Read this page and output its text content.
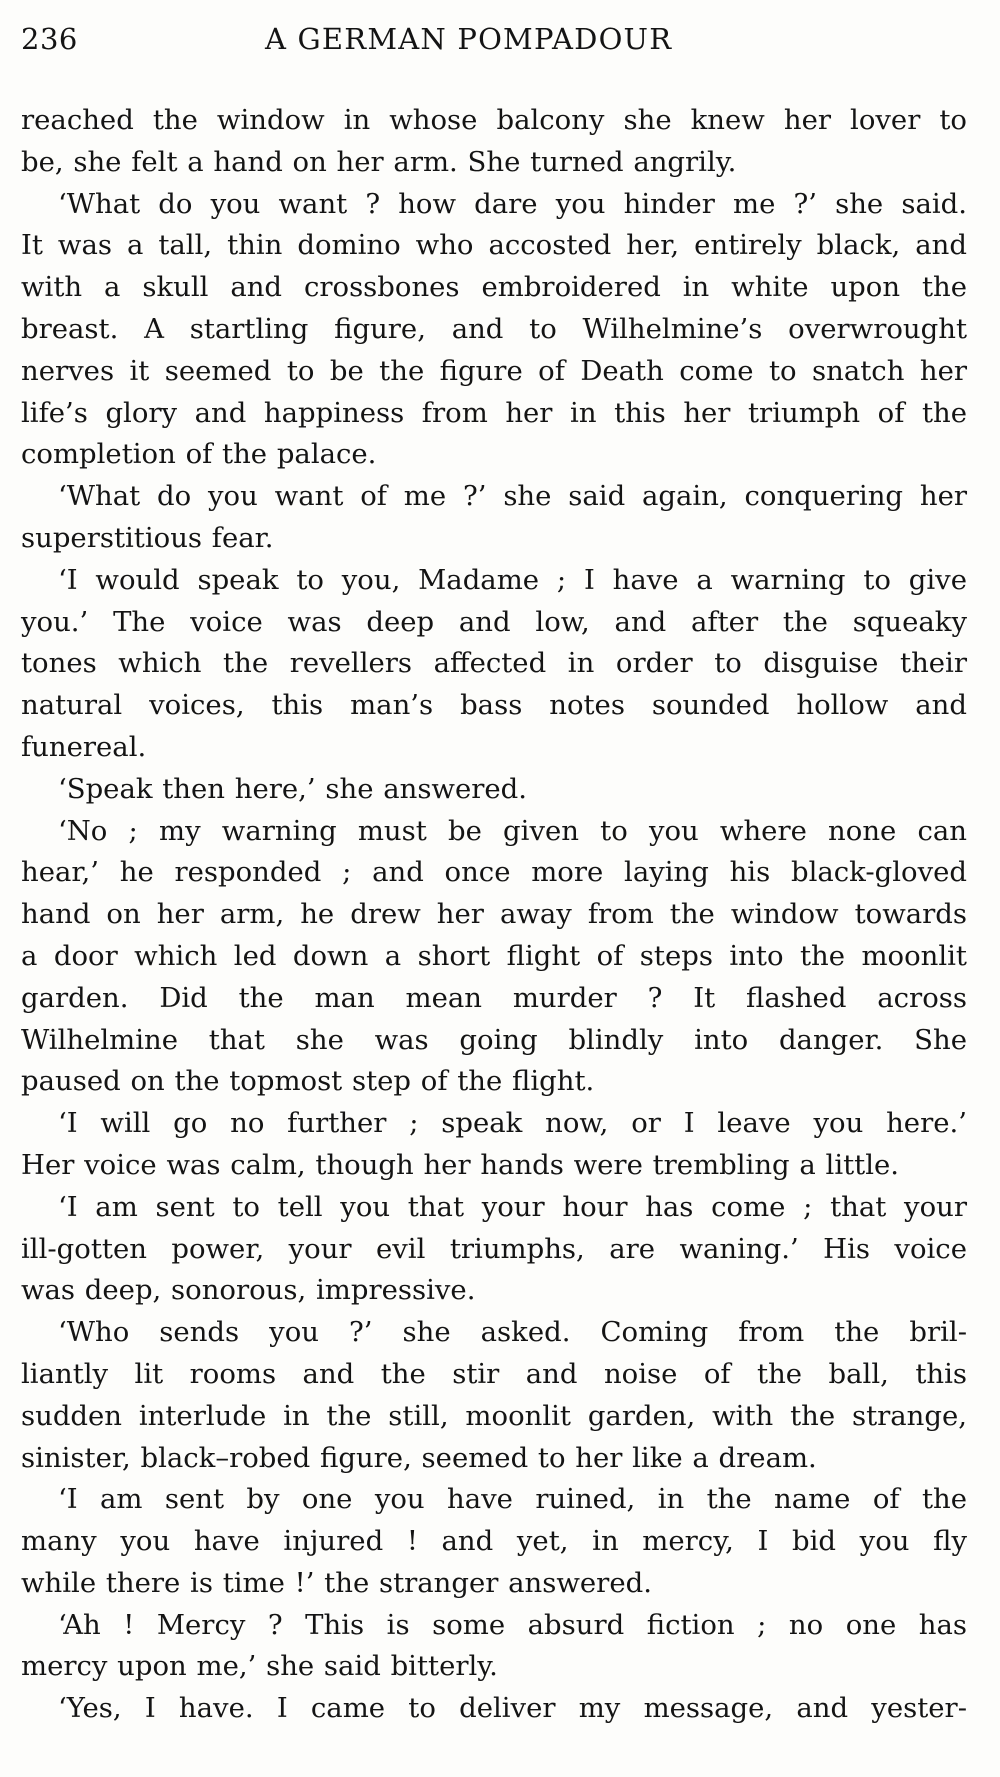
236	A GERMAN POMPADOUR
reached the window in whose balcony she knew her lover to
be, she felt a hand on her arm. She turned angrily.
‘What do you want ? how dare you hinder me ?’ she said.
It was a tall, thin domino who accosted her, entirely black, and
with a skull and crossbones embroidered in white upon the
breast. A startling figure, and to Wilhelmine’s overwrought
nerves it seemed to be the figure of Death come to snatch her
life’s glory and happiness from her in this her triumph of the
completion of the palace.
‘What do you want of me ?’ she said again, conquering her
superstitious fear.
‘I would speak to you, Madame ; I have a warning to give
you.’ The voice was deep and low, and after the squeaky
tones which the revellers affected in order to disguise their
natural voices, this man’s bass notes sounded hollow and
funereal.
‘Speak then here,’ she answered.
‘No ; my warning must be given to you where none can
hear,’ he responded ; and once more laying his black-gloved
hand on her arm, he drew her away from the window towards
a door which led down a short flight of steps into the moonlit
garden. Did the man mean murder ? It flashed across
Wilhelmine that she was going blindly into danger. She
paused on the topmost step of the flight.
‘I will go no further ; speak now, or I leave you here.’
Her voice was calm, though her hands were trembling a little.
‘I am sent to tell you that your hour has come ; that your
ill-gotten power, your evil triumphs, are waning.’ His voice
was deep, sonorous, impressive.
‘Who sends you ?’ she asked. Coming from the bril-
liantly lit rooms and the stir and noise of the ball, this
sudden interlude in the still, moonlit garden, with the strange,
sinister, black–robed figure, seemed to her like a dream.
‘I am sent by one you have ruined, in the name of the
many you have injured ! and yet, in mercy, I bid you fly
while there is time !’ the stranger answered.
‘Ah ! Mercy ? This is some absurd fiction ; no one has
mercy upon me,’ she said bitterly.
‘Yes, I have. I came to deliver my message, and yester-
